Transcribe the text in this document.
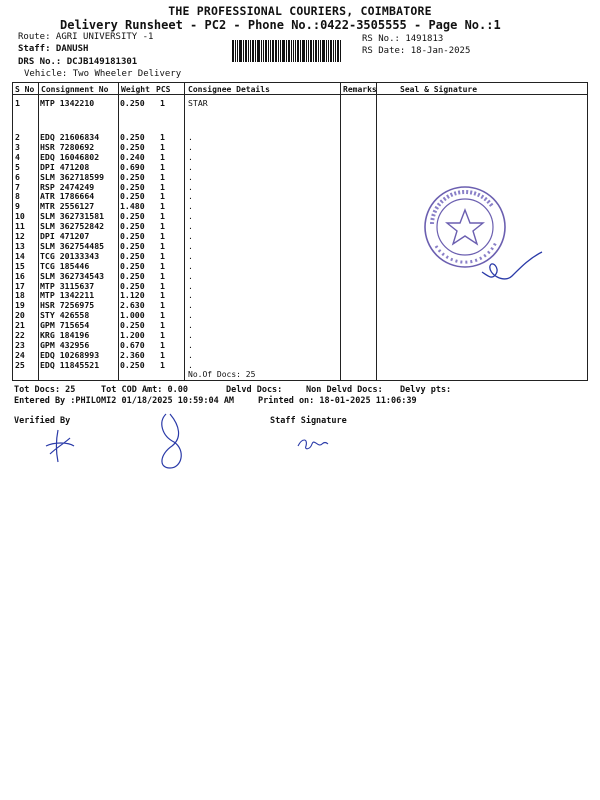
THE PROFESSIONAL COURIERS, COIMBATORE
Delivery Runsheet - PC2 - Phone No.:0422-3505555 - Page No.:1
Route: AGRI UNIVERSITY -1
Staff: DANUSH
DRS No.: DCJB149181301
Vehicle: Two Wheeler Delivery
RS No.: 1491813
RS Date: 18-Jan-2025
S No Consignment No Weight PCS Consignee Details	Remarks	Seal & Signature
1 MTP 1342210	0.250 1	STAR
2 EDQ 21606834	0.250 1	.
3 HSR 7280692	0.250 1	.
4 EDQ 16046802	0.240 1	.
5 DPI 471208	0.690 1	.
6 SLM 362718599 0.250 1	.
7 RSP 2474249	0.250 1	.
8 ATR 1786664	0.250 1	.
9 MTR 2556127	1.480 1	.
10 SLM 362731581 0.250 1	.
11 SLM 362752842 0.250 1	.
12 DPI 471207	0.250 1	.
13 SLM 362754485 0.250 1	.
14 TCG 20133343	0.250 1	.
15 TCG 185446	0.250 1	.
16 SLM 362734543 0.250 1	.
17 MTP 3115637	0.250 1	.
18 MTP 1342211	1.120 1	.
19 HSR 7256975	2.630 1	.
20 STY 426558	1.000 1	.
21 GPM 715654	0.250 1	.
22 KRG 184196	1.200 1	.
23 GPM 432956	0.670 1	.
24 EDQ 10268993	2.360 1	.
25 EDQ 11845521	0.250 1	.
No.Of Docs: 25
Tot Docs: 25	Tot COD Amt: 0.00	Delvd Docs:	Non Delvd Docs: Delvy pts:
Entered By :PHILOMI2 01/18/2025 10:59:04 AM	Printed on: 18-01-2025 11:06:39
Verified By	Staff Signature
